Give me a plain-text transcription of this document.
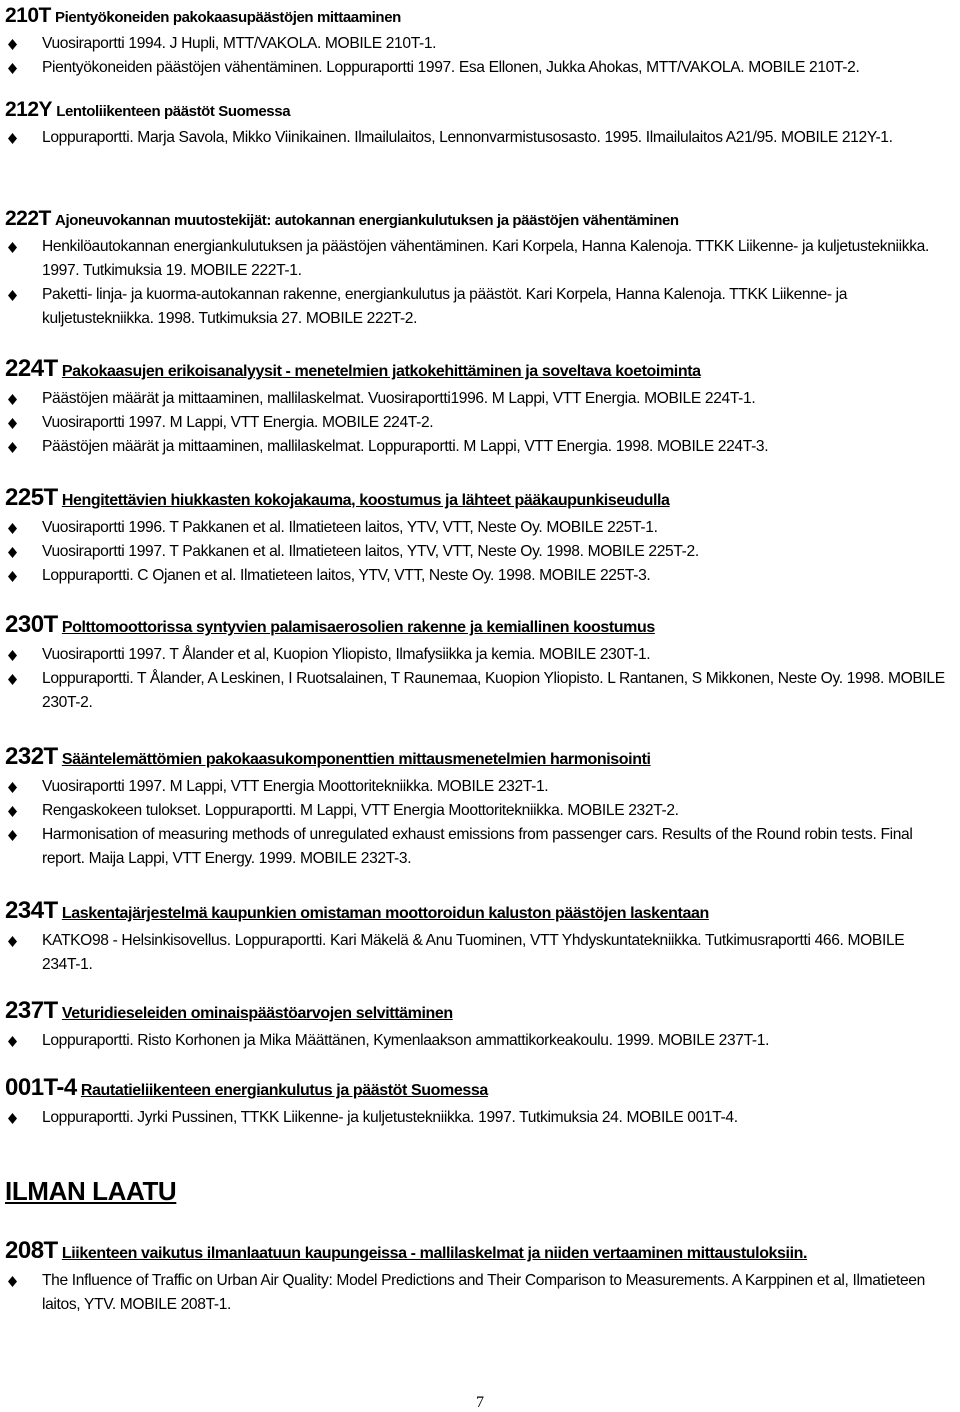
210T Pientyökoneiden pakokaasupäästöjen mittaaminen
Vuosiraportti 1994. J Hupli, MTT/VAKOLA. MOBILE 210T-1.
Pientyökoneiden päästöjen vähentäminen. Loppuraportti 1997. Esa Ellonen, Jukka Ahokas, MTT/VAKOLA. MOBILE 210T-2.
212Y Lentoliikenteen päästöt Suomessa
Loppuraportti. Marja Savola, Mikko Viinikainen. Ilmailulaitos, Lennonvarmistusosasto. 1995. Ilmailulaitos A21/95. MOBILE 212Y-1.
222T Ajoneuvokannan muutostekijät: autokannan energiankulutuksen ja päästöjen vähentäminen
Henkilöautokannan energiankulutuksen ja päästöjen vähentäminen. Kari Korpela, Hanna Kalenoja. TTKK Liikenne- ja kuljetustekniikka. 1997. Tutkimuksia 19. MOBILE 222T-1.
Paketti- linja- ja kuorma-autokannan rakenne, energiankulutus ja päästöt. Kari Korpela, Hanna Kalenoja. TTKK Liikenne- ja kuljetustekniikka. 1998. Tutkimuksia 27. MOBILE 222T-2.
224T Pakokaasujen erikoisanalyysit - menetelmien jatkokehittäminen ja soveltava koetoiminta
Päästöjen määrät ja mittaaminen, mallilaskelmat. Vuosiraportti1996. M Lappi, VTT Energia. MOBILE 224T-1.
Vuosiraportti 1997. M Lappi, VTT Energia. MOBILE 224T-2.
Päästöjen määrät ja mittaaminen, mallilaskelmat. Loppuraportti. M Lappi, VTT Energia. 1998. MOBILE 224T-3.
225T Hengitettävien hiukkasten kokojakauma, koostumus ja lähteet pääkaupunkiseudulla
Vuosiraportti 1996. T Pakkanen et al. Ilmatieteen laitos, YTV, VTT, Neste Oy. MOBILE 225T-1.
Vuosiraportti 1997. T Pakkanen et al. Ilmatieteen laitos, YTV, VTT, Neste Oy. 1998. MOBILE 225T-2.
Loppuraportti. C Ojanen et al. Ilmatieteen laitos, YTV, VTT, Neste Oy. 1998. MOBILE 225T-3.
230T Polttomoottorissa syntyvien palamisaerosolien rakenne ja kemiallinen koostumus
Vuosiraportti 1997. T Ålander et al, Kuopion Yliopisto, Ilmafysiikka ja kemia. MOBILE 230T-1.
Loppuraportti. T Ålander, A Leskinen, I Ruotsalainen, T Raunemaa, Kuopion Yliopisto. L Rantanen, S Mikkonen, Neste Oy. 1998. MOBILE 230T-2.
232T Sääntelemättömien pakokaasukomponenttien mittausmenetelmien harmonisointi
Vuosiraportti 1997. M Lappi, VTT Energia Moottoritekniikka. MOBILE 232T-1.
Rengaskokeen tulokset. Loppuraportti. M Lappi, VTT Energia Moottoritekniikka. MOBILE 232T-2.
Harmonisation of measuring methods of unregulated exhaust emissions from passenger cars. Results of the Round robin tests. Final report. Maija Lappi, VTT Energy. 1999. MOBILE 232T-3.
234T Laskentajärjestelmä kaupunkien omistaman moottoroidun kaluston päästöjen laskentaan
KATKO98 - Helsinkisovellus. Loppuraportti. Kari Mäkelä & Anu Tuominen, VTT Yhdyskuntatekniikka. Tutkimusraportti 466. MOBILE 234T-1.
237T Veturidieseleiden ominaispäästöarvojen selvittäminen
Loppuraportti. Risto Korhonen ja Mika Määttänen, Kymenlaakson ammattikorkeakoulu. 1999. MOBILE 237T-1.
001T-4 Rautatieliikenteen energiankulutus ja päästöt Suomessa
Loppuraportti. Jyrki Pussinen, TTKK Liikenne- ja kuljetustekniikka. 1997. Tutkimuksia 24. MOBILE 001T-4.
ILMAN LAATU
208T Liikenteen vaikutus ilmanlaatuun kaupungeissa - mallilaskelmat ja niiden vertaaminen mittaustuloksiin.
The Influence of Traffic on Urban Air Quality: Model Predictions and Their Comparison to Measurements. A Karppinen et al, Ilmatieteen laitos, YTV. MOBILE 208T-1.
7
